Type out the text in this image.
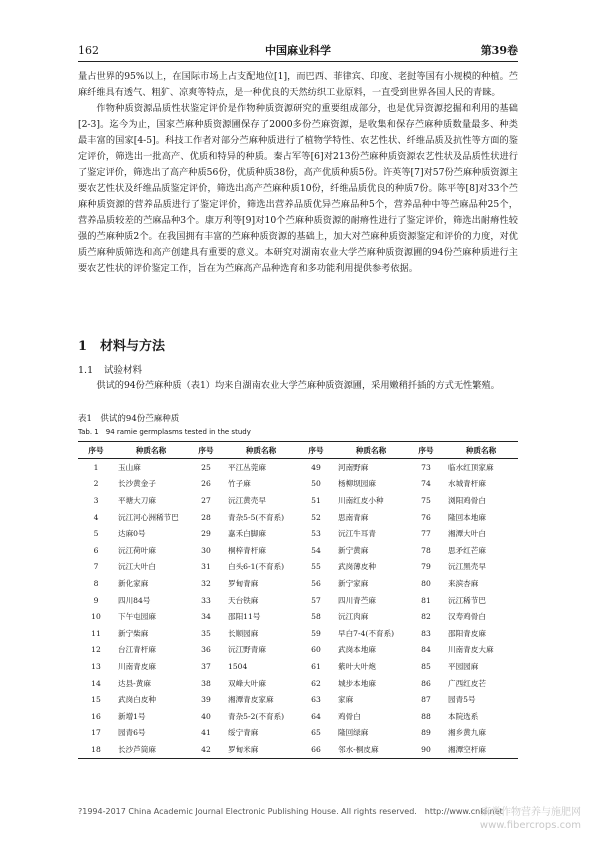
162	中国麻业科学	第39卷

量占世界的95%以上，在国际市场上占支配地位[1]，而巴西、菲律宾、印度、老挝等国有小规模的种植。苎麻纤维具有透气、粗犷、凉爽等特点，是一种优良的天然纺织工业原料，一直受到世界各国人民的青睐。

作物种质资源品质性状鉴定评价是作物种质资源研究的重要组成部分，也是优异资源挖掘和利用的基础[2-3]。迄今为止，国家苎麻种质资源圃保存了2000多份苎麻资源，是收集和保存苎麻种质数量最多、种类最丰富的国家[4-5]。科技工作者对部分苎麻种质进行了植物学特性、农艺性状、纤维品质及抗性等方面的鉴定评价，筛选出一批高产、优质和特异的种质。秦占军等[6]对213份苎麻种质资源农艺性状及品质性状进行了鉴定评价，筛选出了高产种质56份，优质种质38份，高产优质种质5份。许英等[7]对57份苎麻种质资源主要农艺性状及纤维品质鉴定评价，筛选出高产苎麻种质10份，纤维品质优良的种质7份。陈平等[8]对33个苎麻种质资源的营养品质进行了鉴定评价，筛选出营养品质优异苎麻品种5个，营养品种中等苎麻品种25个，营养品质较差的苎麻品种3个。康万利等[9]对10个苎麻种质资源的耐瘠性进行了鉴定评价，筛选出耐瘠性较强的苎麻种质2个。在我国拥有丰富的苎麻种质资源的基础上，加大对苎麻种质资源鉴定和评价的力度，对优质苎麻种质筛选和高产创建具有重要的意义。本研究对湖南农业大学苎麻种质资源圃的94份苎麻种质进行主要农艺性状的评价鉴定工作，旨在为苎麻高产品种选育和多功能利用提供参考依据。

1 材料与方法
1.1 试验材料

供试的94份苎麻种质（表1）均来自湖南农业大学苎麻种质资源圃，采用嫩稍扦插的方式无性繁殖。

表1　供试的94份苎麻种质
Tab. 1　94 ramie germplasms tested in the study
序号	种质名称	序号	种质名称	序号	种质名称	序号	种质名称
1	玉山麻	25	平江丛莞麻	49	河南野麻	73	临水红顶家麻
2	长沙黄金子	26	竹子麻	50	杨柳坝园麻	74	水城青杆麻
3	平塘大刀麻	27	沅江黄壳早	51	川南红皮小种	75	浏阳鸡骨白
4	沅江河心洲稀节巴	28	青杂5-5(不育系)	52	思南青麻	76	隆回本地麻
5	达麻0号	29	嘉禾白脚麻	53	沅江牛耳青	77	湘潭大叶白
6	沅江荷叶麻	30	桐梓青杆麻	54	新宁黄麻	78	思矛红芒麻
7	沅江大叶白	31	白头6-1(不育系)	55	武岗薄皮种	79	沅江黑壳早
8	新化家麻	32	罗甸青麻	56	新宁家麻	80	来滨杏麻
9	四川84号	33	天台铁麻	57	四川青苎麻	81	沅江稀节巴
10	下午屯园麻	34	邵阳11号	58	沅江肉麻	82	汉寿鸡骨白
11	新宁柴麻	35	长顺园麻	59	早白7-4(不育系)	83	邵阳青皮麻
12	台江青杆麻	36	沅江野青麻	60	武岗本地麻	84	川南青皮大麻
13	川南青皮麻	37	1504	61	紫叶大叶炮	85	平园园麻
14	达县-黄麻	38	双峰大叶麻	62	城步本地麻	86	广西红皮芒
15	武岗白皮种	39	湘潭青皮家麻	63	家麻	87	园青5号
16	新增1号	40	青杂5-2(不育系)	64	鸡骨白	88	本院选系
17	园青6号	41	绥宁青麻	65	隆回绿麻	89	湘乡黄九麻
18	长沙芦筒麻	42	罗甸米麻	66	邻水-桐皮麻	90	湘潭空杆麻
?1994-2017 China Academic Journal Electronic Publishing House. All rights reserved.　http://www.cnki.net
麻类作物营养与施肥网
www.fibercrops.com
